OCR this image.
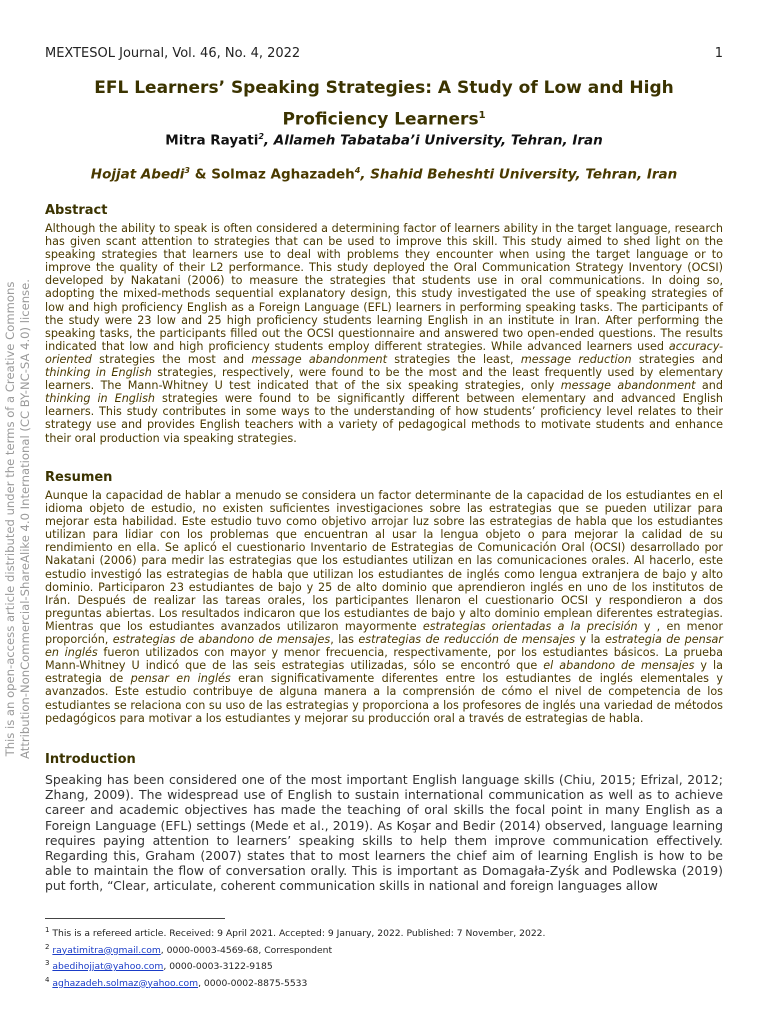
MEXTESOL Journal, Vol. 46, No. 4, 2022	1
EFL Learners’ Speaking Strategies: A Study of Low and High
Proficiency Learners$^1$
Mitra Rayati$^2$, Allameh Tabataba’i University, Tehran, Iran
Hojjat Abedi$^3$ & Solmaz Aghazadeh$^4$, Shahid Beheshti University, Tehran, Iran
Abstract
Although the ability to speak is often considered a determining factor of learners ability in the target language, research has given scant attention to strategies that can be used to improve this skill. This study aimed to shed light on the speaking strategies that learners use to deal with problems they encounter when using the target language or to improve the quality of their L2 performance. This study deployed the Oral Communication Strategy Inventory (OCSI) developed by Nakatani (2006) to measure the strategies that students use in oral communications. In doing so, adopting the mixed-methods sequential explanatory design, this study investigated the use of speaking strategies of low and high proficiency English as a Foreign Language (EFL) learners in performing speaking tasks. The participants of the study were 23 low and 25 high proficiency students learning English in an institute in Iran. After performing the speaking tasks, the participants filled out the OCSI questionnaire and answered two open-ended questions. The results indicated that low and high proficiency students employ different strategies. While advanced learners used accuracy-oriented strategies the most and message abandonment strategies the least, message reduction strategies and thinking in English strategies, respectively, were found to be the most and the least frequently used by elementary learners. The Mann-Whitney U test indicated that of the six speaking strategies, only message abandonment and thinking in English strategies were found to be significantly different between elementary and advanced English learners. This study contributes in some ways to the understanding of how students’ proficiency level relates to their strategy use and provides English teachers with a variety of pedagogical methods to motivate students and enhance their oral production via speaking strategies.
Resumen
Aunque la capacidad de hablar a menudo se considera un factor determinante de la capacidad de los estudiantes en el idioma objeto de estudio, no existen suficientes investigaciones sobre las estrategias que se pueden utilizar para mejorar esta habilidad. Este estudio tuvo como objetivo arrojar luz sobre las estrategias de habla que los estudiantes utilizan para lidiar con los problemas que encuentran al usar la lengua objeto o para mejorar la calidad de su rendimiento en ella. Se aplicó el cuestionario Inventario de Estrategias de Comunicación Oral (OCSI) desarrollado por Nakatani (2006) para medir las estrategias que los estudiantes utilizan en las comunicaciones orales. Al hacerlo, este estudio investigó las estrategias de habla que utilizan los estudiantes de inglés como lengua extranjera de bajo y alto dominio. Participaron 23 estudiantes de bajo y 25 de alto dominio que aprendieron inglés en uno de los institutos de Irán. Después de realizar las tareas orales, los participantes llenaron el cuestionario OCSI y respondieron a dos preguntas abiertas. Los resultados indicaron que los estudiantes de bajo y alto dominio emplean diferentes estrategias. Mientras que los estudiantes avanzados utilizaron mayormente estrategias orientadas a la precisión y , en menor proporción, estrategias de abandono de mensajes, las estrategias de reducción de mensajes y la estrategia de pensar en inglés fueron utilizados con mayor y menor frecuencia, respectivamente, por los estudiantes básicos. La prueba Mann-Whitney U indicó que de las seis estrategias utilizadas, sólo se encontró que el abandono de mensajes y la estrategia de pensar en inglés eran significativamente diferentes entre los estudiantes de inglés elementales y avanzados. Este estudio contribuye de alguna manera a la comprensión de cómo el nivel de competencia de los estudiantes se relaciona con su uso de las estrategias y proporciona a los profesores de inglés una variedad de métodos pedagógicos para motivar a los estudiantes y mejorar su producción oral a través de estrategias de habla.
Introduction
Speaking has been considered one of the most important English language skills (Chiu, 2015; Efrizal, 2012; Zhang, 2009). The widespread use of English to sustain international communication as well as to achieve career and academic objectives has made the teaching of oral skills the focal point in many English as a Foreign Language (EFL) settings (Mede et al., 2019). As Koşar and Bedir (2014) observed, language learning requires paying attention to learners’ speaking skills to help them improve communication effectively. Regarding this, Graham (2007) states that to most learners the chief aim of learning English is how to be able to maintain the flow of conversation orally. This is important as Domagała-Zyśk and Podlewska (2019) put forth, “Clear, articulate, coherent communication skills in national and foreign languages allow
This is an open-access article distributed under the terms of a Creative Commons Attribution-NonCommercial-ShareAlike 4.0 International (CC BY-NC-SA 4.0) license.
$^1$ This is a refereed article. Received: 9 April 2021. Accepted: 9 January, 2022. Published: 7 November, 2022.
$^2$ rayatimitra@gmail.com, 0000-0003-4569-68, Correspondent
$^3$ abedihojjat@yahoo.com, 0000-0003-3122-9185
$^4$ aghazadeh.solmaz@yahoo.com, 0000-0002-8875-5533
